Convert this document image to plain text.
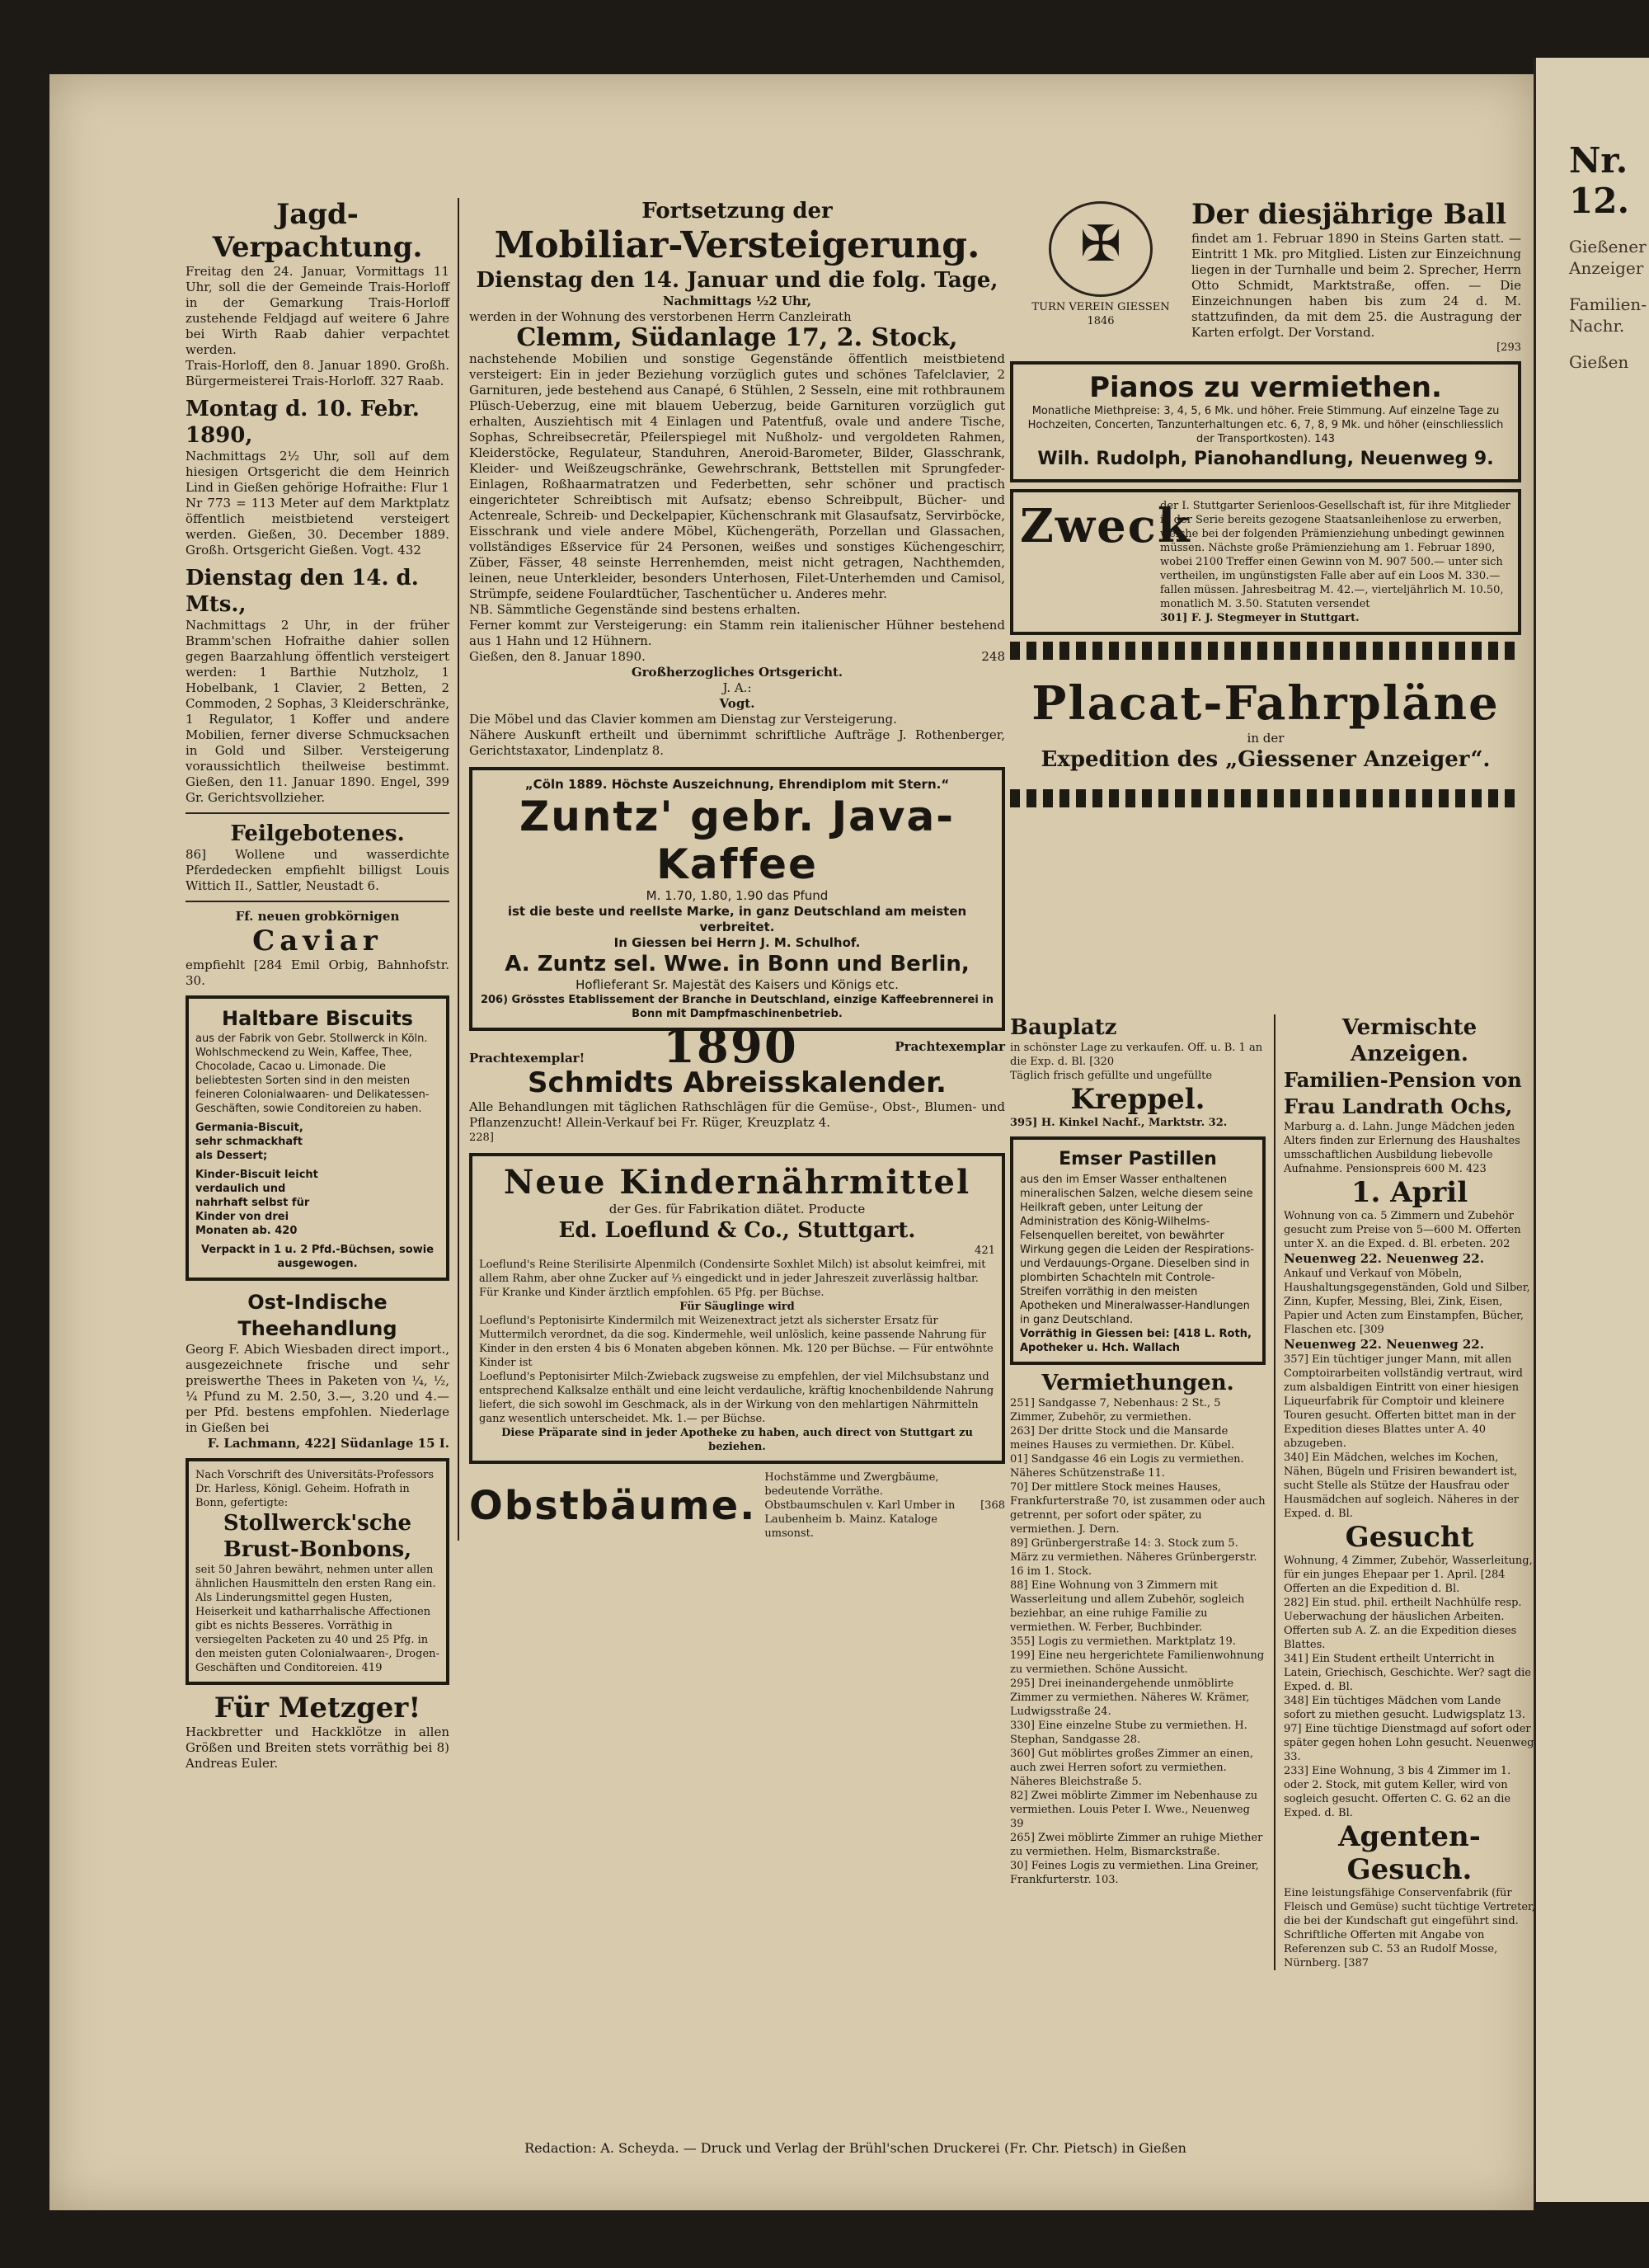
Nr. 12.
Gießener Anzeiger
Familien-Nachr.
Gießen
Jagd-Verpachtung.
Freitag den 24. Januar, Vormittags 11 Uhr, soll die der Gemeinde Trais-Horloff in der Gemarkung Trais-Horloff zustehende Feldjagd auf weitere 6 Jahre bei Wirth Raab dahier verpachtet werden.
Trais-Horloff, den 8. Januar 1890. Großh. Bürgermeisterei Trais-Horloff. 327 Raab.
Montag d. 10. Febr. 1890,
Nachmittags 2½ Uhr, soll auf dem hiesigen Ortsgericht die dem Heinrich Lind in Gießen gehörige Hofraithe: Flur 1 Nr 773 = 113 Meter auf dem Marktplatz öffentlich meistbietend versteigert werden. Gießen, 30. December 1889. Großh. Ortsgericht Gießen. Vogt. 432
Dienstag den 14. d. Mts.,
Nachmittags 2 Uhr, in der früher Bramm'schen Hofraithe dahier sollen gegen Baarzahlung öffentlich versteigert werden: 1 Barthie Nutzholz, 1 Hobelbank, 1 Clavier, 2 Betten, 2 Commoden, 2 Sophas, 3 Kleiderschränke, 1 Regulator, 1 Koffer und andere Mobilien, ferner diverse Schmucksachen in Gold und Silber. Versteigerung voraussichtlich theilweise bestimmt. Gießen, den 11. Januar 1890. Engel, 399 Gr. Gerichtsvollzieher.
Feilgebotenes.
86] Wollene und wasserdichte Pferdedecken empfiehlt billigst Louis Wittich II., Sattler, Neustadt 6.
Ff. neuen grobkörnigen
Caviar
empfiehlt [284 Emil Orbig, Bahnhofstr. 30.
Haltbare Biscuits
aus der Fabrik von Gebr. Stollwerck in Köln. Wohlschmeckend zu Wein, Kaffee, Thee, Chocolade, Cacao u. Limonade. Die beliebtesten Sorten sind in den meisten feineren Colonialwaaren- und Delikatessen-Geschäften, sowie Conditoreien zu haben.
Germania-Biscuit, sehr schmackhaft als Dessert;
Kinder-Biscuit leicht verdaulich und nahrhaft selbst für Kinder von drei Monaten ab. 420
Verpackt in 1 u. 2 Pfd.-Büchsen, sowie ausgewogen.
Ost-Indische Theehandlung
Georg F. Abich Wiesbaden direct import., ausgezeichnete frische und sehr preiswerthe Thees in Paketen von ¼, ½, ¼ Pfund zu M. 2.50, 3.—, 3.20 und 4.— per Pfd. bestens empfohlen. Niederlage in Gießen bei
F. Lachmann, 422] Südanlage 15 I.
Nach Vorschrift des Universitäts-Professors Dr. Harless, Königl. Geheim. Hofrath in Bonn, gefertigte:
Stollwerck'sche Brust-Bonbons,
seit 50 Jahren bewährt, nehmen unter allen ähnlichen Hausmitteln den ersten Rang ein. Als Linderungsmittel gegen Husten, Heiserkeit und katharrhalische Affectionen gibt es nichts Besseres. Vorräthig in versiegelten Packeten zu 40 und 25 Pfg. in den meisten guten Colonialwaaren-, Drogen-Geschäften und Conditoreien. 419
Für Metzger!
Hackbretter und Hackklötze in allen Größen und Breiten stets vorräthig bei 8) Andreas Euler.
Fortsetzung der
Mobiliar-Versteigerung.
Dienstag den 14. Januar und die folg. Tage,
Nachmittags ½2 Uhr,
werden in der Wohnung des verstorbenen Herrn Canzleirath
Clemm, Südanlage 17, 2. Stock,
nachstehende Mobilien und sonstige Gegenstände öffentlich meistbietend versteigert: Ein in jeder Beziehung vorzüglich gutes und schönes Tafelclavier, 2 Garnituren, jede bestehend aus Canapé, 6 Stühlen, 2 Sesseln, eine mit rothbraunem Plüsch-Ueberzug, eine mit blauem Ueberzug, beide Garnituren vorzüglich gut erhalten, Ausziehtisch mit 4 Einlagen und Patentfuß, ovale und andere Tische, Sophas, Schreibsecretär, Pfeilerspiegel mit Nußholz- und vergoldeten Rahmen, Kleiderstöcke, Regulateur, Standuhren, Aneroid-Barometer, Bilder, Glasschrank, Kleider- und Weißzeugschränke, Gewehrschrank, Bettstellen mit Sprungfeder-Einlagen, Roßhaarmatratzen und Federbetten, sehr schöner und practisch eingerichteter Schreibtisch mit Aufsatz; ebenso Schreibpult, Bücher- und Actenreale, Schreib- und Deckelpapier, Küchenschrank mit Glasaufsatz, Servirböcke, Eisschrank und viele andere Möbel, Küchengeräth, Porzellan und Glassachen, vollständiges Eßservice für 24 Personen, weißes und sonstiges Küchengeschirr, Züber, Fässer, 48 seinste Herrenhemden, meist nicht getragen, Nachthemden, leinen, neue Unterkleider, besonders Unterhosen, Filet-Unterhemden und Camisol, Strümpfe, seidene Foulardtücher, Taschentücher u. Anderes mehr.
NB. Sämmtliche Gegenstände sind bestens erhalten.
Ferner kommt zur Versteigerung: ein Stamm rein italienischer Hühner bestehend aus 1 Hahn und 12 Hühnern.
Gießen, den 8. Januar 1890.	248
Großherzogliches Ortsgericht.
J. A.:
Vogt.
Die Möbel und das Clavier kommen am Dienstag zur Versteigerung.
Nähere Auskunft ertheilt und übernimmt schriftliche Aufträge J. Rothenberger, Gerichtstaxator, Lindenplatz 8.
„Cöln 1889. Höchste Auszeichnung, Ehrendiplom mit Stern.“
Zuntz' gebr. Java-Kaffee
M. 1.70, 1.80, 1.90 das Pfund
ist die beste und reellste Marke, in ganz Deutschland am meisten verbreitet.
In Giessen bei Herrn J. M. Schulhof.
A. Zuntz sel. Wwe. in Bonn und Berlin,
Hoflieferant Sr. Majestät des Kaisers und Königs etc.
206) Grösstes Etablissement der Branche in Deutschland, einzige Kaffeebrennerei in Bonn mit Dampfmaschinenbetrieb.
Prachtexemplar! 1890	Prachtexemplar
Schmidts Abreisskalender.
Alle Behandlungen mit täglichen Rathschlägen für die Gemüse-, Obst-, Blumen- und Pflanzenzucht! Allein-Verkauf bei Fr. Rüger, Kreuzplatz 4.
228]
Neue Kindernährmittel
der Ges. für Fabrikation diätet. Producte
Ed. Loeflund & Co., Stuttgart.
421
Loeflund's Reine Sterilisirte Alpenmilch (Condensirte Soxhlet Milch) ist absolut keimfrei, mit allem Rahm, aber ohne Zucker auf ⅓ eingedickt und in jeder Jahreszeit zuverlässig haltbar. Für Kranke und Kinder ärztlich empfohlen. 65 Pfg. per Büchse.
Für Säuglinge wird
Loeflund's Peptonisirte Kindermilch mit Weizenextract jetzt als sicherster Ersatz für Muttermilch verordnet, da die sog. Kindermehle, weil unlöslich, keine passende Nahrung für Kinder in den ersten 4 bis 6 Monaten abgeben können. Mk. 120 per Büchse. — Für entwöhnte Kinder ist
Loeflund's Peptonisirter Milch-Zwieback zugsweise zu empfehlen, der viel Milchsubstanz und entsprechend Kalksalze enthält und eine leicht verdauliche, kräftig knochenbildende Nahrung liefert, die sich sowohl im Geschmack, als in der Wirkung von den mehlartigen Nährmitteln ganz wesentlich unterscheidet. Mk. 1.— per Büchse.
Diese Präparate sind in jeder Apotheke zu haben, auch direct von Stuttgart zu beziehen.
Obstbäume.
Hochstämme und Zwergbäume, bedeutende Vorräthe. Obstbaumschulen v. Karl Umber in Laubenheim b. Mainz. Kataloge umsonst.
[368
✠
TURN VEREIN GIESSEN
1846
Der diesjährige Ball
findet am 1. Februar 1890 in Steins Garten statt. — Eintritt 1 Mk. pro Mitglied. Listen zur Einzeichnung liegen in der Turnhalle und beim 2. Sprecher, Herrn Otto Schmidt, Marktstraße, offen. — Die Einzeichnungen haben bis zum 24 d. M. stattzufinden, da mit dem 25. die Austragung der Karten erfolgt. Der Vorstand.
[293
Pianos zu vermiethen.
Monatliche Miethpreise: 3, 4, 5, 6 Mk. und höher. Freie Stimmung. Auf einzelne Tage zu Hochzeiten, Concerten, Tanzunterhaltungen etc. 6, 7, 8, 9 Mk. und höher (einschliesslich der Transportkosten). 143
Wilh. Rudolph, Pianohandlung, Neuenweg 9.
Zweck
der I. Stuttgarter Serienloos-Gesellschaft ist, für ihre Mitglieder in der Serie bereits gezogene Staatsanleihenlose zu erwerben, welche bei der folgenden Prämienziehung unbedingt gewinnen müssen. Nächste große Prämienziehung am 1. Februar 1890, wobei 2100 Treffer einen Gewinn von M. 907 500.— unter sich vertheilen, im ungünstigsten Falle aber auf ein Loos M. 330.— fallen müssen. Jahresbeitrag M. 42.—, vierteljährlich M. 10.50, monatlich M. 3.50. Statuten versendet
301] F. J. Stegmeyer in Stuttgart.
Placat-Fahrpläne
in der
Expedition des „Giessener Anzeiger“.
Bauplatz
in schönster Lage zu verkaufen. Off. u. B. 1 an die Exp. d. Bl. [320
Täglich frisch gefüllte und ungefüllte
Kreppel.
395] H. Kinkel Nachf., Marktstr. 32.
Emser Pastillen
aus den im Emser Wasser enthaltenen mineralischen Salzen, welche diesem seine Heilkraft geben, unter Leitung der Administration des König-Wilhelms-Felsenquellen bereitet, von bewährter Wirkung gegen die Leiden der Respirations- und Verdauungs-Organe. Dieselben sind in plombirten Schachteln mit Controle-Streifen vorräthig in den meisten Apotheken und Mineralwasser-Handlungen in ganz Deutschland.
Vorräthig in Giessen bei: [418 L. Roth, Apotheker u. Hch. Wallach
Vermiethungen.
251] Sandgasse 7, Nebenhaus: 2 St., 5 Zimmer, Zubehör, zu vermiethen.
263] Der dritte Stock und die Mansarde meines Hauses zu vermiethen. Dr. Kübel.
01] Sandgasse 46 ein Logis zu vermiethen. Näheres Schützenstraße 11.
70] Der mittlere Stock meines Hauses, Frankfurterstraße 70, ist zusammen oder auch getrennt, per sofort oder später, zu vermiethen. J. Dern.
89] Grünbergerstraße 14: 3. Stock zum 5. März zu vermiethen. Näheres Grünbergerstr. 16 im 1. Stock.
88] Eine Wohnung von 3 Zimmern mit Wasserleitung und allem Zubehör, sogleich beziehbar, an eine ruhige Familie zu vermiethen. W. Ferber, Buchbinder.
355] Logis zu vermiethen. Marktplatz 19.
199] Eine neu hergerichtete Familienwohnung zu vermiethen. Schöne Aussicht.
295] Drei ineinandergehende unmöblirte Zimmer zu vermiethen. Näheres W. Krämer, Ludwigsstraße 24.
330] Eine einzelne Stube zu vermiethen. H. Stephan, Sandgasse 28.
360] Gut möblirtes großes Zimmer an einen, auch zwei Herren sofort zu vermiethen. Näheres Bleichstraße 5.
82] Zwei möblirte Zimmer im Nebenhause zu vermiethen. Louis Peter I. Wwe., Neuenweg 39
265] Zwei möblirte Zimmer an ruhige Miether zu vermiethen. Helm, Bismarckstraße.
30] Feines Logis zu vermiethen. Lina Greiner, Frankfurterstr. 103.
Vermischte Anzeigen.
Familien-Pension von Frau Landrath Ochs,
Marburg a. d. Lahn. Junge Mädchen jeden Alters finden zur Erlernung des Haushaltes umsschaftlichen Ausbildung liebevolle Aufnahme. Pensionspreis 600 M. 423
1. April
Wohnung von ca. 5 Zimmern und Zubehör gesucht zum Preise von 5—600 M. Offerten unter X. an die Exped. d. Bl. erbeten. 202
Neuenweg 22. Neuenweg 22.
Ankauf und Verkauf von Möbeln, Haushaltungsgegenständen, Gold und Silber, Zinn, Kupfer, Messing, Blei, Zink, Eisen, Papier und Acten zum Einstampfen, Bücher, Flaschen etc. [309
Neuenweg 22. Neuenweg 22.
357] Ein tüchtiger junger Mann, mit allen Comptoirarbeiten vollständig vertraut, wird zum alsbaldigen Eintritt von einer hiesigen Liqueurfabrik für Comptoir und kleinere Touren gesucht. Offerten bittet man in der Expedition dieses Blattes unter A. 40 abzugeben.
340] Ein Mädchen, welches im Kochen, Nähen, Bügeln und Frisiren bewandert ist, sucht Stelle als Stütze der Hausfrau oder Hausmädchen auf sogleich. Näheres in der Exped. d. Bl.
Gesucht
Wohnung, 4 Zimmer, Zubehör, Wasserleitung, für ein junges Ehepaar per 1. April. [284 Offerten an die Expedition d. Bl.
282] Ein stud. phil. ertheilt Nachhülfe resp. Ueberwachung der häuslichen Arbeiten. Offerten sub A. Z. an die Expedition dieses Blattes.
341] Ein Student ertheilt Unterricht in Latein, Griechisch, Geschichte. Wer? sagt die Exped. d. Bl.
348] Ein tüchtiges Mädchen vom Lande sofort zu miethen gesucht. Ludwigsplatz 13.
97] Eine tüchtige Dienstmagd auf sofort oder später gegen hohen Lohn gesucht. Neuenweg 33.
233] Eine Wohnung, 3 bis 4 Zimmer im 1. oder 2. Stock, mit gutem Keller, wird von sogleich gesucht. Offerten C. G. 62 an die Exped. d. Bl.
Agenten-Gesuch.
Eine leistungsfähige Conservenfabrik (für Fleisch und Gemüse) sucht tüchtige Vertreter, die bei der Kundschaft gut eingeführt sind. Schriftliche Offerten mit Angabe von Referenzen sub C. 53 an Rudolf Mosse, Nürnberg. [387
Redaction: A. Scheyda. — Druck und Verlag der Brühl'schen Druckerei (Fr. Chr. Pietsch) in Gießen
